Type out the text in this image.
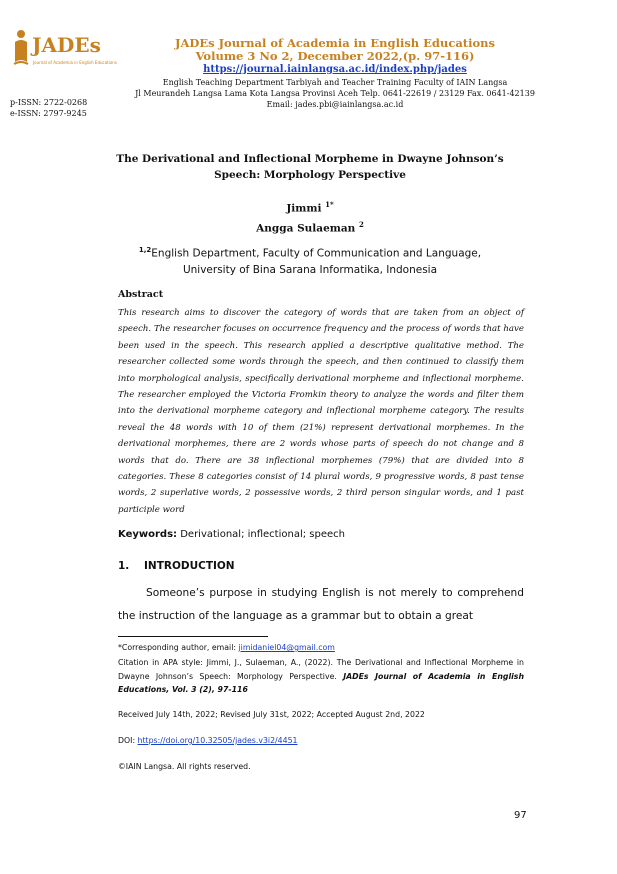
JADEs
Journal of Academia in English Educations
JADEs Journal of Academia in English Educations
Volume 3 No 2, December 2022,(p. 97-116)
https://journal.iainlangsa.ac.id/index.php/jades
English Teaching Department Tarbiyah and Teacher Training Faculty of IAIN Langsa
Jl Meurandeh Langsa Lama Kota Langsa Provinsi Aceh Telp. 0641-22619 / 23129 Fax. 0641-42139
Email: jades.pbi@iainlangsa.ac.id
p-ISSN: 2722-0268
e-ISSN: 2797-9245
The Derivational and Inflectional Morpheme in Dwayne Johnson’s
Speech: Morphology Perspective
Jimmi $^{1*}$
Angga Sulaeman $^2$
$^{1,2}$English Department, Faculty of Communication and Language,
University of Bina Sarana Informatika, Indonesia
Abstract
This research aims to discover the category of words that are taken from an object of speech. The researcher focuses on occurrence frequency and the process of words that have been used in the speech. This research applied a descriptive qualitative method. The researcher collected some words through the speech, and then continued to classify them into morphological analysis, specifically derivational morpheme and inflectional morpheme. The researcher employed the Victoria Fromkin theory to analyze the words and filter them into the derivational morpheme category and inflectional morpheme category. The results reveal the 48 words with 10 of them (21%) represent derivational morphemes. In the derivational morphemes, there are 2 words whose parts of speech do not change and 8 words that do. There are 38 inflectional morphemes (79%) that are divided into 8 categories. These 8 categories consist of 14 plural words, 9 progressive words, 8 past tense words, 2 superlative words, 2 possessive words, 2 third person singular words, and 1 past participle word
Keywords: Derivational; inflectional; speech
1. INTRODUCTION
Someone’s purpose in studying English is not merely to comprehend the instruction of the language as a grammar but to obtain a great
*Corresponding author, email: jimidaniel04@gmail.com
Citation in APA style: Jimmi, J., Sulaeman, A., (2022). The Derivational and Inflectional Morpheme in Dwayne Johnson’s Speech: Morphology Perspective. JADEs Journal of Academia in English Educations, Vol. 3 (2), 97-116
Received July 14th, 2022; Revised July 31st, 2022; Accepted August 2nd, 2022
DOI: https://doi.org/10.32505/jades.v3i2/4451
©IAIN Langsa. All rights reserved.
97
